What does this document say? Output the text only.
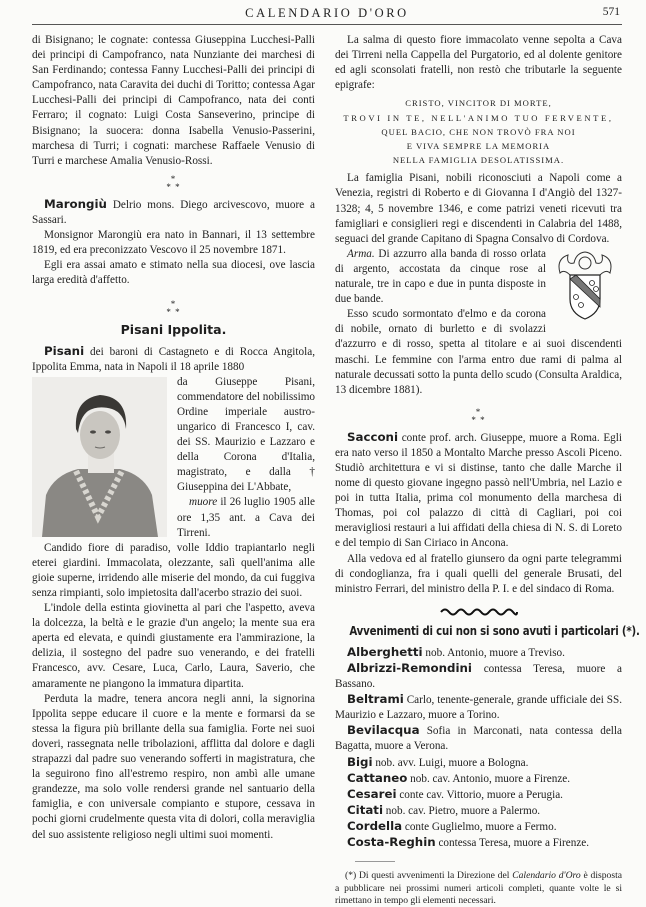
CALENDARIO D'ORO	571

di Bisignano; le cognate: contessa Giuseppina Lucchesi-Palli dei principi di Campofranco, nata Nunziante dei marchesi di San Ferdinando; contessa Fanny Lucchesi-Palli dei principi di Campofranco, nata Caravita dei duchi di Toritto; contessa Agar Lucchesi-Palli dei principi di Campofranco, nata dei conti Ferraro; il cognato: Luigi Costa Sanseverino, principe di Bisignano; la suocera: donna Isabella Venusio-Passerini, marchesa di Turri; i cognati: marchese Raffaele Venusio di Turri e marchese Amalia Venusio-Rossi.

*
* *

Marongiù Delrio mons. Diego arcivescovo, muore a Sassari.

Monsignor Marongiù era nato in Bannari, il 13 settembre 1819, ed era preconizzato Vescovo il 25 novembre 1871.

Egli era assai amato e stimato nella sua diocesi, ove lascia larga eredità d'affetto.

*
* *
Pisani Ippolita.

Pisani dei baroni di Castagneto e di Rocca Angitola, Ippolita Emma, nata in Napoli il 18 aprile 1880

da Giuseppe Pisani, commendatore del nobilissimo Ordine imperiale austro-ungarico di Francesco I, cav. dei SS. Maurizio e Lazzaro e della Corona d'Italia, magistrato, e dalla † Giuseppina dei L'Abbate,

muore il 26 luglio 1905 alle ore 1,35 ant. a Cava dei Tirreni.

Candido fiore di paradiso, volle Iddio trapiantarlo negli eterei giardini. Immacolata, olezzante, salì quell'anima alle gioie superne, irridendo alle miserie del mondo, da cui fuggiva senza rimpianti, solo impietosita dall'acerbo strazio dei suoi.

L'indole della estinta giovinetta al pari che l'aspetto, aveva la dolcezza, la beltà e le grazie d'un angelo; la mente sua era aperta ed elevata, e quindi giustamente era l'ammirazione, la delizia, il sostegno del padre suo venerando, e dei fratelli Francesco, avv. Cesare, Luca, Carlo, Laura, Saverio, che amaramente ne piangono la immatura dipartita.

Perduta la madre, tenera ancora negli anni, la signorina Ippolita seppe educare il cuore e la mente e formarsi da se stessa la figura più brillante della sua famiglia. Forte nei suoi doveri, rassegnata nelle tribolazioni, afflitta dal dolore e dagli strapazzi dal padre suo venerando sofferti in magistratura, che la seguirono fino all'estremo respiro, non ambì alle umane grandezze, ma solo volle rendersi grande nel santuario della famiglia, e con universale compianto e stupore, cessava in pochi giorni crudelmente questa vita di dolori, colla meraviglia del suo assistente religioso negli ultimi suoi momenti.

La salma di questo fiore immacolato venne sepolta a Cava dei Tirreni nella Cappella del Purgatorio, ed al dolente genitore ed agli sconsolati fratelli, non restò che tributarle la seguente epigrafe:

CRISTO, VINCITOR DI MORTE,
TROVI IN TE, NELL'ANIMO TUO FERVENTE,
QUEL BACIO, CHE NON TROVÒ FRA NOI
E VIVA SEMPRE LA MEMORIA
NELLA FAMIGLIA DESOLATISSIMA.

La famiglia Pisani, nobili riconosciuti a Napoli come a Venezia, registri di Roberto e di Giovanna I d'Angiò del 1327-1328; 4, 5 novembre 1346, e come patrizi veneti ricevuti tra famigliari e consiglieri regi e discendenti in Calabria del 1488, seguaci del grande Capitano di Spagna Consalvo di Cordova.

Arma. Di azzurro alla banda di rosso orlata di argento, accostata da cinque rose al naturale, tre in capo e due in punta disposte in due bande.

Esso scudo sormontato d'elmo e da corona di nobile, ornato di burletto e di svolazzi d'azzurro e di rosso, spetta al titolare e ai suoi discendenti maschi. Le femmine con l'arma entro due rami di palma al naturale decussati sotto la punta dello scudo (Consulta Araldica, 13 dicembre 1881).

*
* *

Sacconi conte prof. arch. Giuseppe, muore a Roma. Egli era nato verso il 1850 a Montalto Marche presso Ascoli Piceno. Studiò architettura e vi si distinse, tanto che dalle Marche il nome di questo giovane ingegno passò nell'Umbria, nel Lazio e poi in tutta Italia, prima col monumento della marchesa di Thomas, poi col palazzo di città di Cagliari, poi coi meravigliosi restauri a lui affidati della chiesa di N. S. di Loreto e del tempio di San Ciriaco in Ancona.

Alla vedova ed al fratello giunsero da ogni parte telegrammi di condoglianza, fra i quali quelli del generale Brusati, del ministro Ferrari, del ministro della P. I. e del sindaco di Roma.

Avvenimenti di cui non si sono avuti i particolari (*).

Alberghetti nob. Antonio, muore a Treviso.

Albrizzi-Remondini contessa Teresa, muore a Bassano.

Beltrami Carlo, tenente-generale, grande ufficiale dei SS. Maurizio e Lazzaro, muore a Torino.

Bevilacqua Sofia in Marconati, nata contessa della Bagatta, muore a Verona.

Bigi nob. avv. Luigi, muore a Bologna.

Cattaneo nob. cav. Antonio, muore a Firenze.

Cesarei conte cav. Vittorio, muore a Perugia.

Citati nob. cav. Pietro, muore a Palermo.

Cordella conte Guglielmo, muore a Fermo.

Costa-Reghin contessa Teresa, muore a Firenze.

(*) Di questi avvenimenti la Direzione del Calendario d'Oro è disposta a pubblicare nei prossimi numeri articoli completi, quante volte le si rimettano in tempo gli elementi necessari.
